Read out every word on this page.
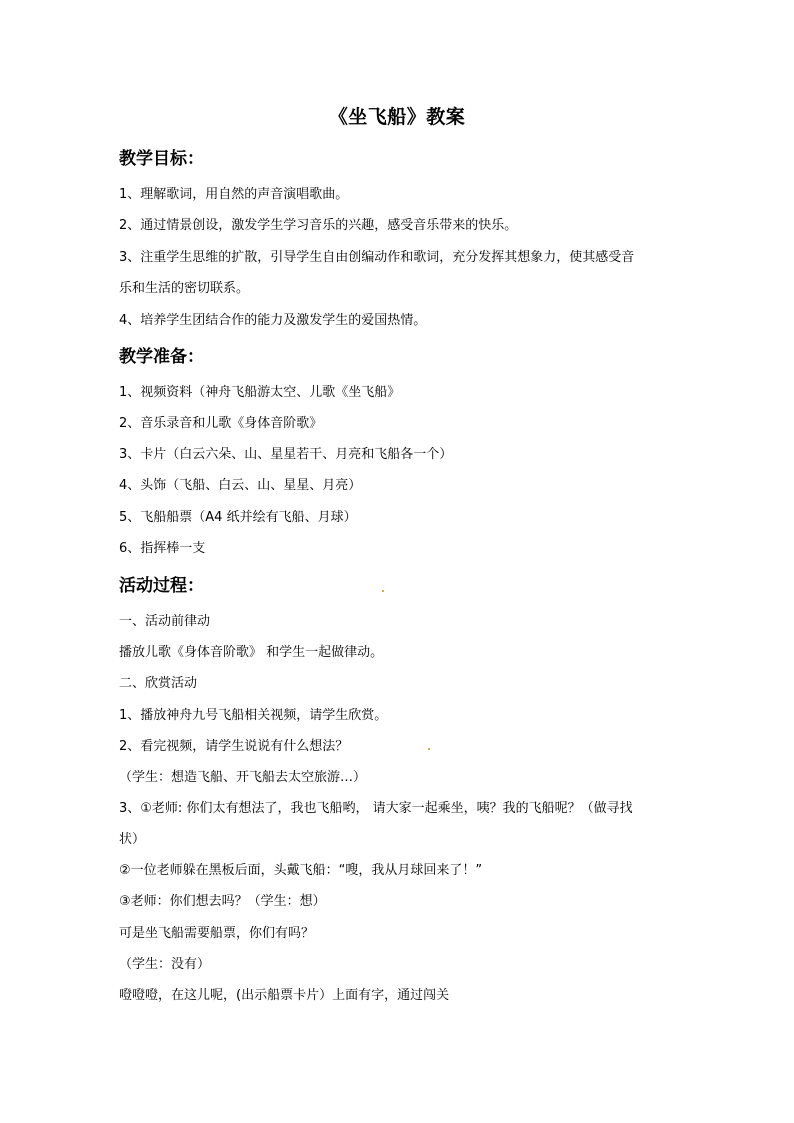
《坐飞船》教案
教学目标：
1、理解歌词，用自然的声音演唱歌曲。
2、通过情景创设，激发学生学习音乐的兴趣，感受音乐带来的快乐。
3、注重学生思维的扩散，引导学生自由创编动作和歌词，充分发挥其想象力，使其感受音
乐和生活的密切联系。
4、培养学生团结合作的能力及激发学生的爱国热情。
教学准备：
1、视频资料（神舟飞船游太空、儿歌《坐飞船》
2、音乐录音和儿歌《身体音阶歌》
3、卡片（白云六朵、山、星星若干、月亮和飞船各一个）
4、头饰（飞船、白云、山、星星、月亮）
5、飞船船票（A4 纸并绘有飞船、月球）
6、指挥棒一支
活动过程：
一、活动前律动
播放儿歌《身体音阶歌》 和学生一起做律动。
二、欣赏活动
1、播放神舟九号飞船相关视频，请学生欣赏。
2、看完视频，请学生说说有什么想法？
（学生：想造飞船、开飞船去太空旅游…）
3、①老师: 你们太有想法了，我也飞船哟， 请大家一起乘坐，咦？我的飞船呢？（做寻找
状）
②一位老师躲在黑板后面，头戴飞船：“嗖，我从月球回来了！”
③老师：你们想去吗？（学生：想）
可是坐飞船需要船票，你们有吗？
（学生：没有）
噔噔噔，在这儿呢，(出示船票卡片）上面有字，通过闯关
